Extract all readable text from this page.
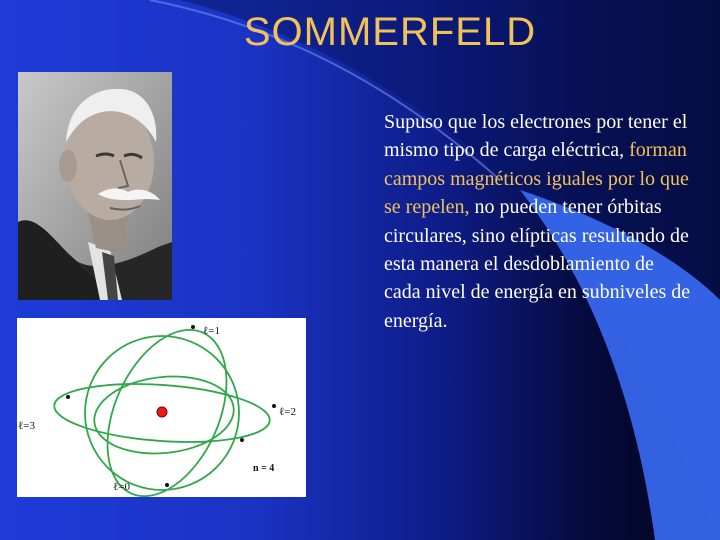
SOMMERFELD
ℓ=1
ℓ=2
ℓ=3
ℓ=0
n = 4

Supuso que los electrones por tener el mismo tipo de carga eléctrica, forman campos magnéticos iguales por lo que se repelen, no pueden tener órbitas circulares, sino elípticas resultando de esta manera el desdoblamiento de cada nivel de energía en subniveles de energía.
